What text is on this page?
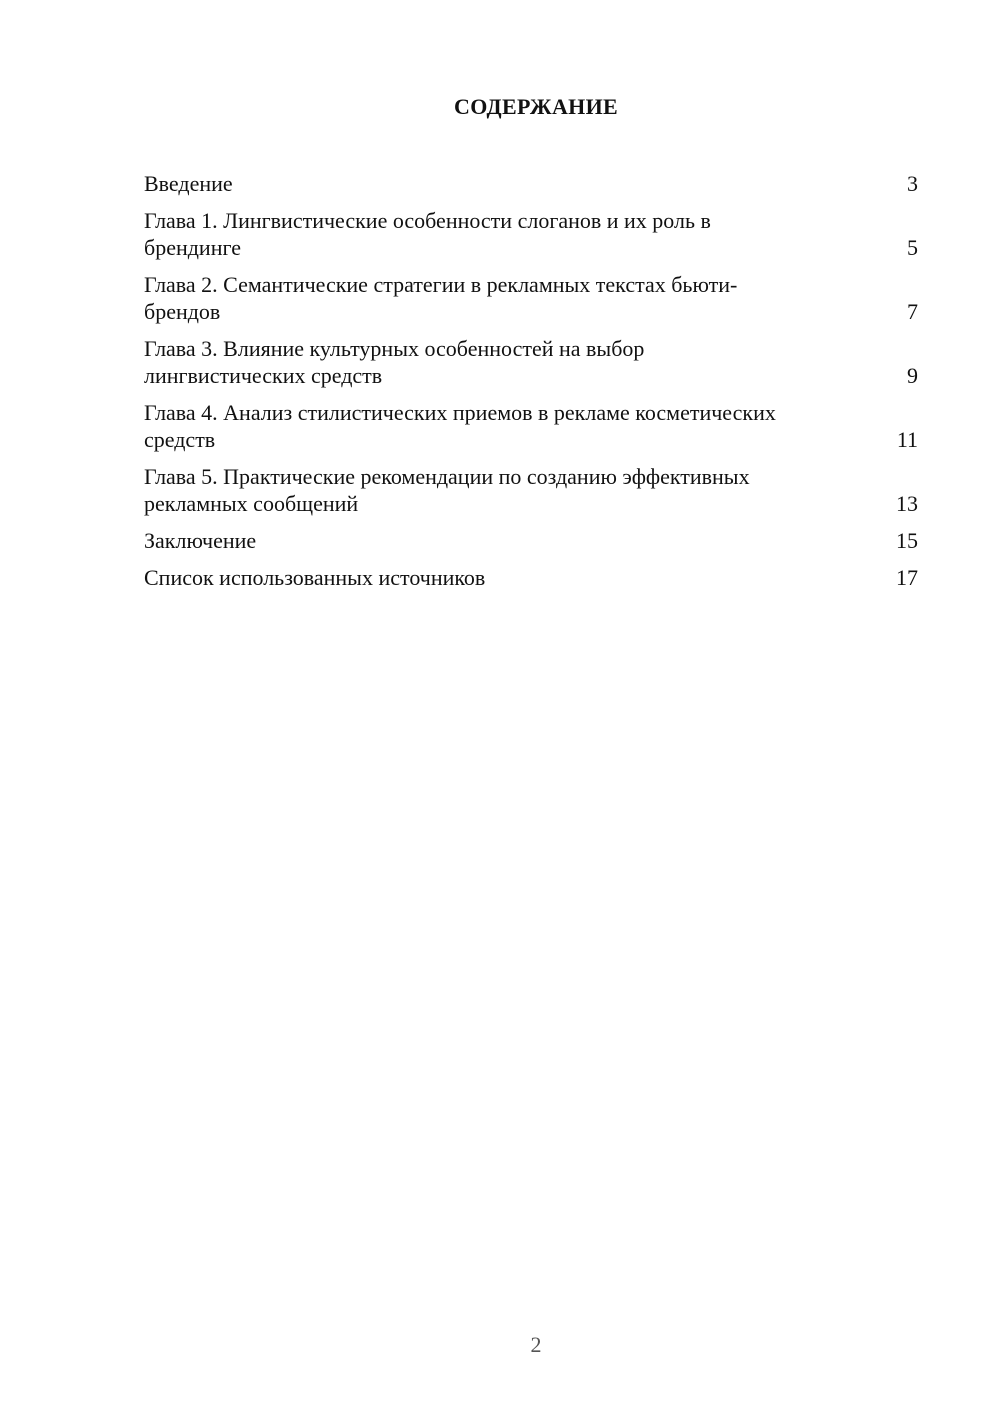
СОДЕРЖАНИЕ
Введение	3
Глава 1. Лингвистические особенности слоганов и их роль в брендинге	5
Глава 2. Семантические стратегии в рекламных текстах бьюти-брендов	7
Глава 3. Влияние культурных особенностей на выбор лингвистических средств	9
Глава 4. Анализ стилистических приемов в рекламе косметических средств	11
Глава 5. Практические рекомендации по созданию эффективных рекламных сообщений	13
Заключение	15
Список использованных источников	17
2
